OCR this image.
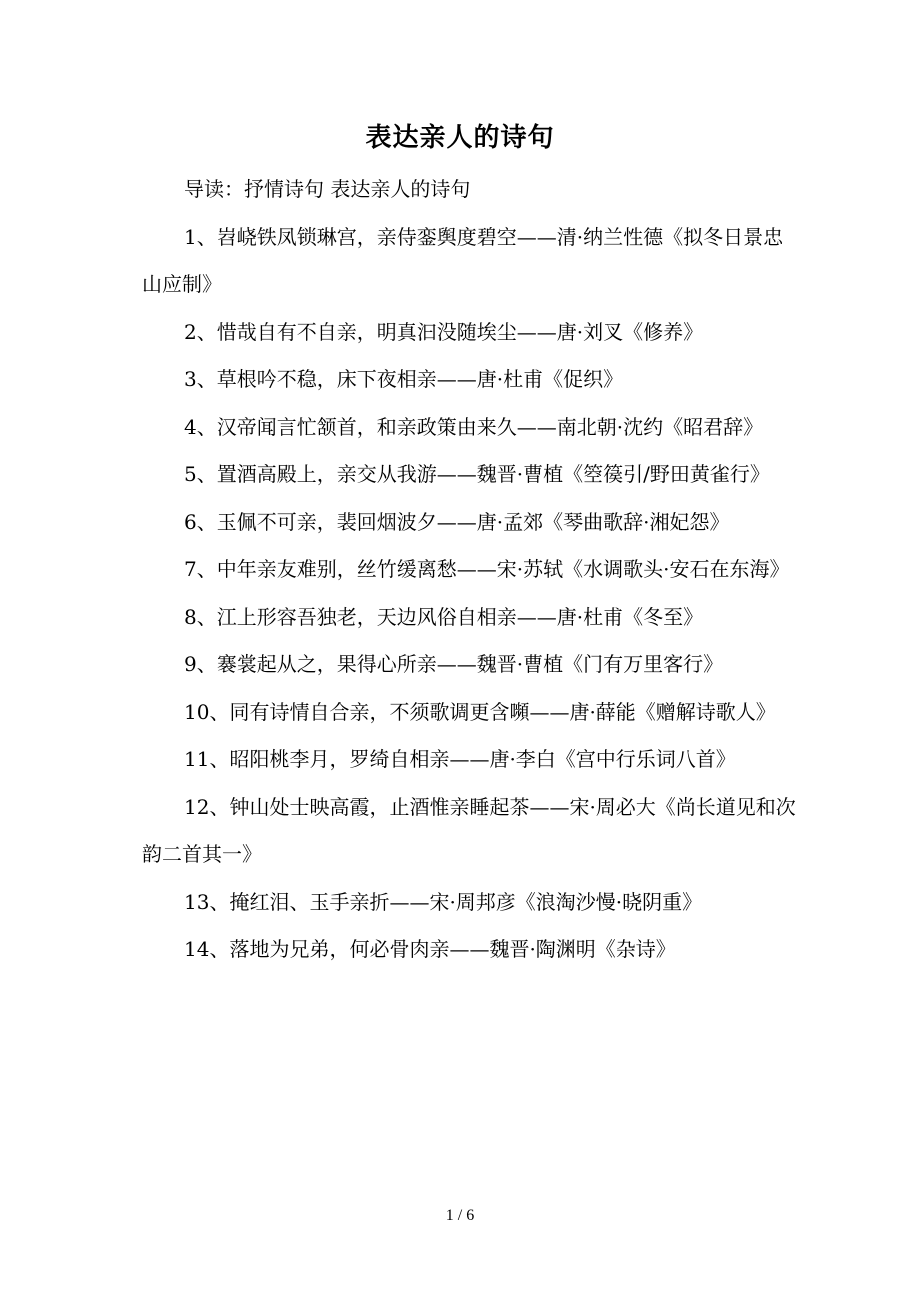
表达亲人的诗句

导读：抒情诗句 表达亲人的诗句

1、岧峣铁凤锁琳宫，亲侍銮舆度碧空——清·纳兰性德《拟冬日景忠山应制》

2、惜哉自有不自亲，明真汩没随埃尘——唐·刘叉《修养》

3、草根吟不稳，床下夜相亲——唐·杜甫《促织》

4、汉帝闻言忙颔首，和亲政策由来久——南北朝·沈约《昭君辞》

5、置酒高殿上，亲交从我游——魏晋·曹植《箜篌引/野田黄雀行》

6、玉佩不可亲，裴回烟波夕——唐·孟郊《琴曲歌辞·湘妃怨》

7、中年亲友难别，丝竹缓离愁——宋·苏轼《水调歌头·安石在东海》

8、江上形容吾独老，天边风俗自相亲——唐·杜甫《冬至》

9、褰裳起从之，果得心所亲——魏晋·曹植《门有万里客行》

10、同有诗情自合亲，不须歌调更含嚬——唐·薛能《赠解诗歌人》

11、昭阳桃李月，罗绮自相亲——唐·李白《宫中行乐词八首》

12、钟山处士映高霞，止酒惟亲睡起茶——宋·周必大《尚长道见和次韵二首其一》

13、掩红泪、玉手亲折——宋·周邦彦《浪淘沙慢·晓阴重》

14、落地为兄弟，何必骨肉亲——魏晋·陶渊明《杂诗》

1 / 6
